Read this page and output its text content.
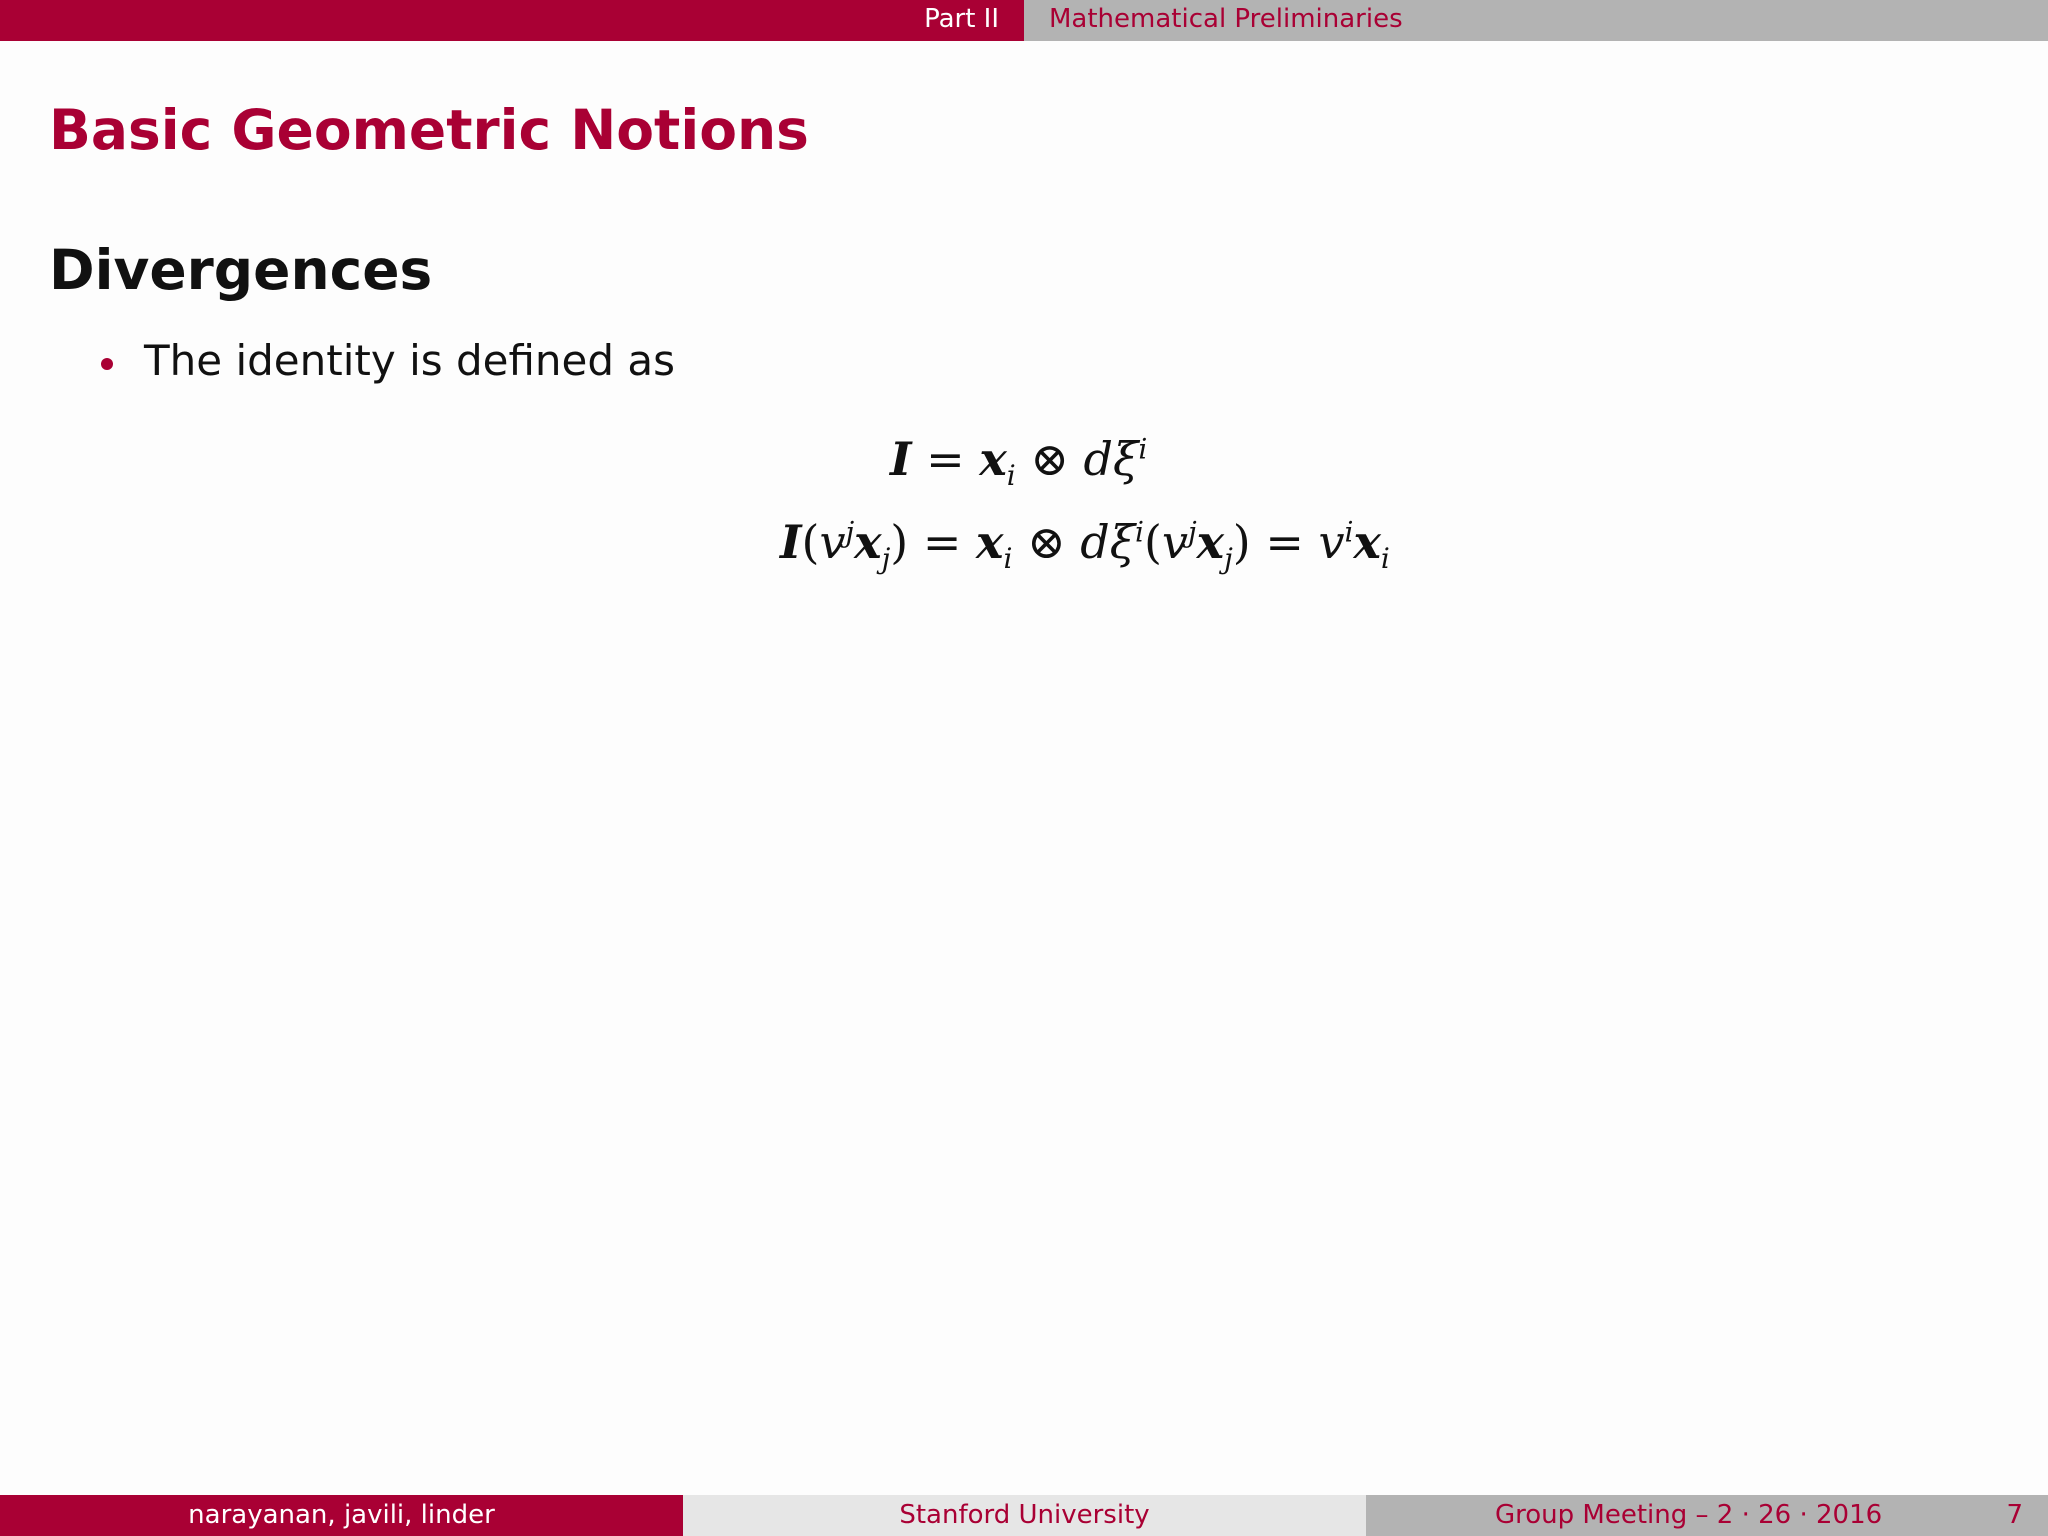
Part II Mathematical Preliminaries
Basic Geometric Notions
Divergences
The identity is defined as
$I = x_i$ ⊗ $d\xi^i$
$I(v^jx_j) = x_i$ ⊗ $d\xi^i(v^jx_j) = v^ix_i$
narayanan, javili, linder	Stanford University	Group Meeting – 2 · 26 · 2016	7
